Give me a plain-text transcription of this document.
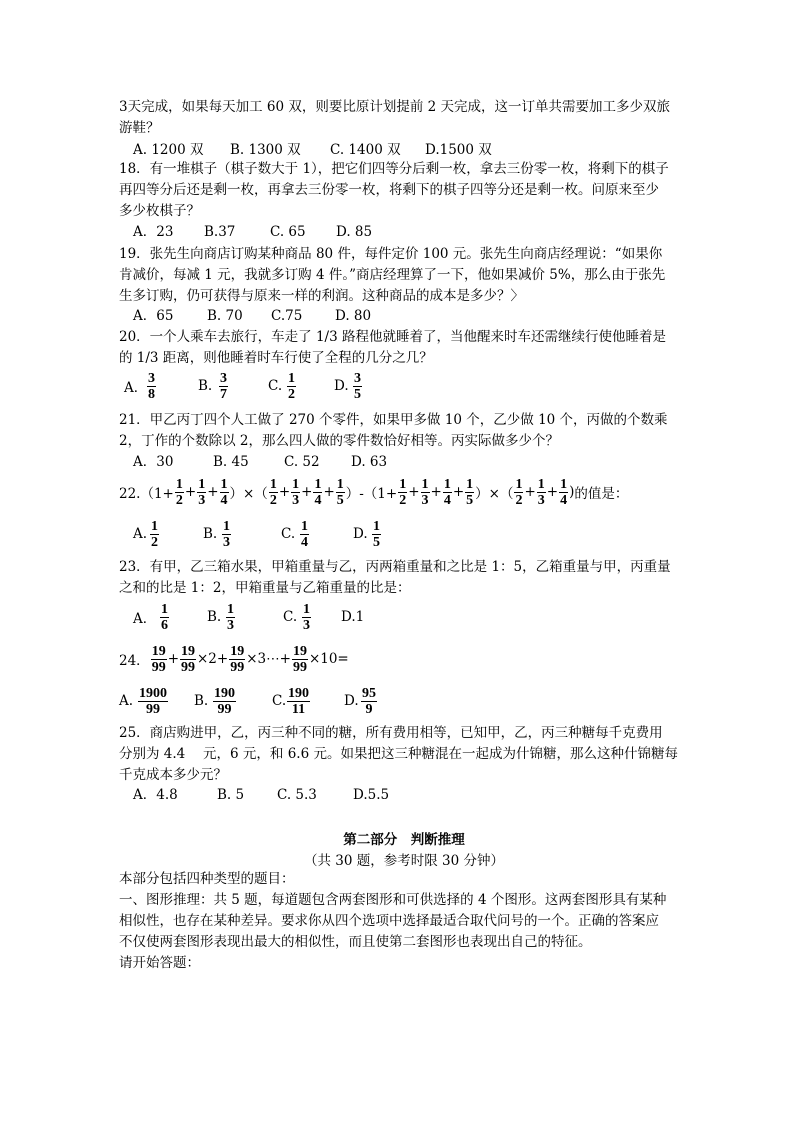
3天完成，如果每天加工 60 双，则要比原计划提前 2 天完成，这一订单共需要加工多少双旅
游鞋？
A. 1200 双 B. 1300 双 C. 1400 双 D.1500 双
18．有一堆棋子（棋子数大于 1），把它们四等分后剩一枚，拿去三份零一枚，将剩下的棋子
再四等分后还是剩一枚，再拿去三份零一枚，将剩下的棋子四等分还是剩一枚。问原来至少
多少枚棋子？
A．23 B.37	C. 65 D. 85
19．张先生向商店订购某种商品 80 件，每件定价 100 元。张先生向商店经理说：“如果你
肯减价，每减 1 元，我就多订购 4 件。”商店经理算了一下，他如果减价 5%，那么由于张先
生多订购，仍可获得与原来一样的利润。这种商品的成本是多少？〉
A．65 B. 70 C.75 D. 80
20．一个人乘车去旅行，车走了 1/3 路程他就睡着了，当他醒来时车还需继续行使他睡着是
的 1/3 距离，则他睡着时车行使了全程的几分之几？
A． $\frac{3}{8}$	B. $\frac{3}{7}$	C. $\frac{1}{2}$	D. $\frac{3}{5}$
21．甲乙丙丁四个人工做了 270 个零件，如果甲多做 10 个，乙少做 10 个，丙做的个数乘
2，丁作的个数除以 2，那么四人做的零件数恰好相等。丙实际做多少个？
A．30	B. 45	C. 52 D. 63
$22.(1+ \frac{1}{2} + \frac{1}{3} + \frac{1}{4}$ ）×（ $\frac{1}{2} + \frac{1}{3} + \frac{1}{4} + \frac{1}{5} )-(1+ \frac{1}{2} + \frac{1}{3} + \frac{1}{4} + \frac{1}{5}$ ）×（ $\frac{1}{2} + \frac{1}{3} + \frac{1}{4}$ ) 的值是：
A. $\frac{1}{2}$	B. $\frac{1}{3}$	C. $\frac{1}{4}$	D. $\frac{1}{5}$
23．有甲，乙三箱水果，甲箱重量与乙，丙两箱重量和之比是 1：5，乙箱重量与甲，丙重量
之和的比是 1：2，甲箱重量与乙箱重量的比是：
A． $\frac{1}{6}$	B. $\frac{1}{3}$	C. $\frac{1}{3} D.1$
24． $\frac{19}{99} + \frac{19}{99} \times 2+ \frac{19}{99}$ ×3⋯+ $\frac{19}{99} \times 10=$
A. $\frac{1900}{99} B$. $\frac{190}{99}$	C. $\frac{190}{11}$	D. $\frac{95}{9}$
25．商店购进甲，乙，丙三种不同的糖，所有费用相等，已知甲，乙，丙三种糖每千克费用
分别为 4.4　 元，6 元，和 6.6 元。如果把这三种糖混在一起成为什锦糖，那么这种什锦糖每
千克成本多少元？
A．4.8	B. 5 C. 5.3	D.5.5
第二部分　判断推理
（共 30 题，参考时限 30 分钟）
本部分包括四种类型的题目：
一、图形推理：共 5 题，每道题包含两套图形和可供选择的 4 个图形。这两套图形具有某种
相似性，也存在某种差异。要求你从四个选项中选择最适合取代问号的一个。正确的答案应
不仅使两套图形表现出最大的相似性，而且使第二套图形也表现出自己的特征。
请开始答题：
